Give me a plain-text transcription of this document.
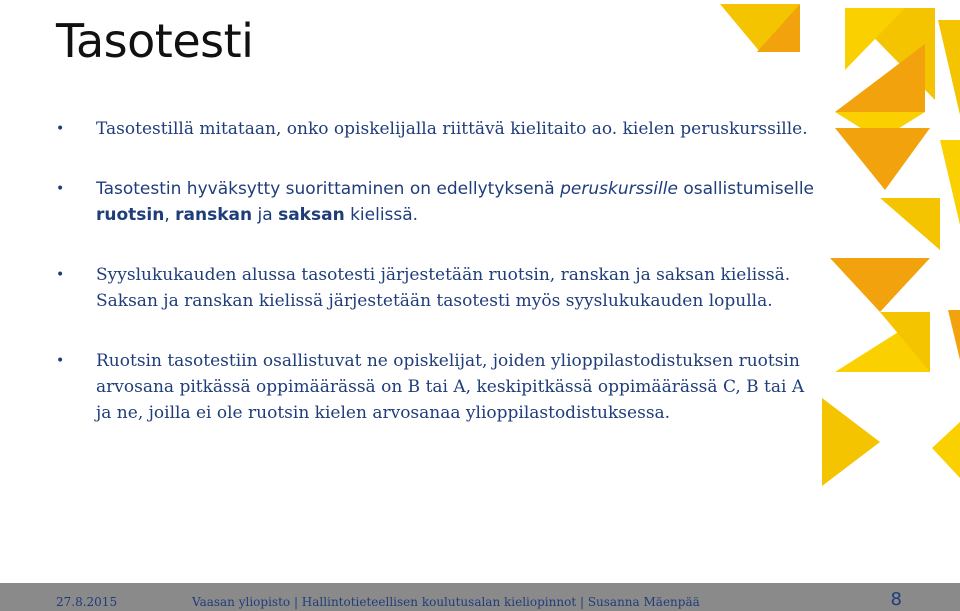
Tasotesti
• Tasotestillä mitataan, onko opiskelijalla riittävä kielitaito ao. kielen peruskurssille.
• Tasotestin hyväksytty suorittaminen on edellytyksenä peruskurssille osallistumiselle ruotsin, ranskan ja saksan kielissä.
• Syyslukukauden alussa tasotesti järjestetään ruotsin, ranskan ja saksan kielissä. Saksan ja ranskan kielissä järjestetään tasotesti myös syyslukukauden lopulla.
• Ruotsin tasotestiin osallistuvat ne opiskelijat, joiden ylioppilastodistuksen ruotsin arvosana pitkässä oppimäärässä on B tai A, keskipitkässä oppimäärässä C, B tai A ja ne, joilla ei ole ruotsin kielen arvosanaa ylioppilastodistuksessa.
27.8.2015	Vaasan yliopisto | Hallintotieteellisen koulutusalan kieliopinnot | Susanna Mäenpää	8
